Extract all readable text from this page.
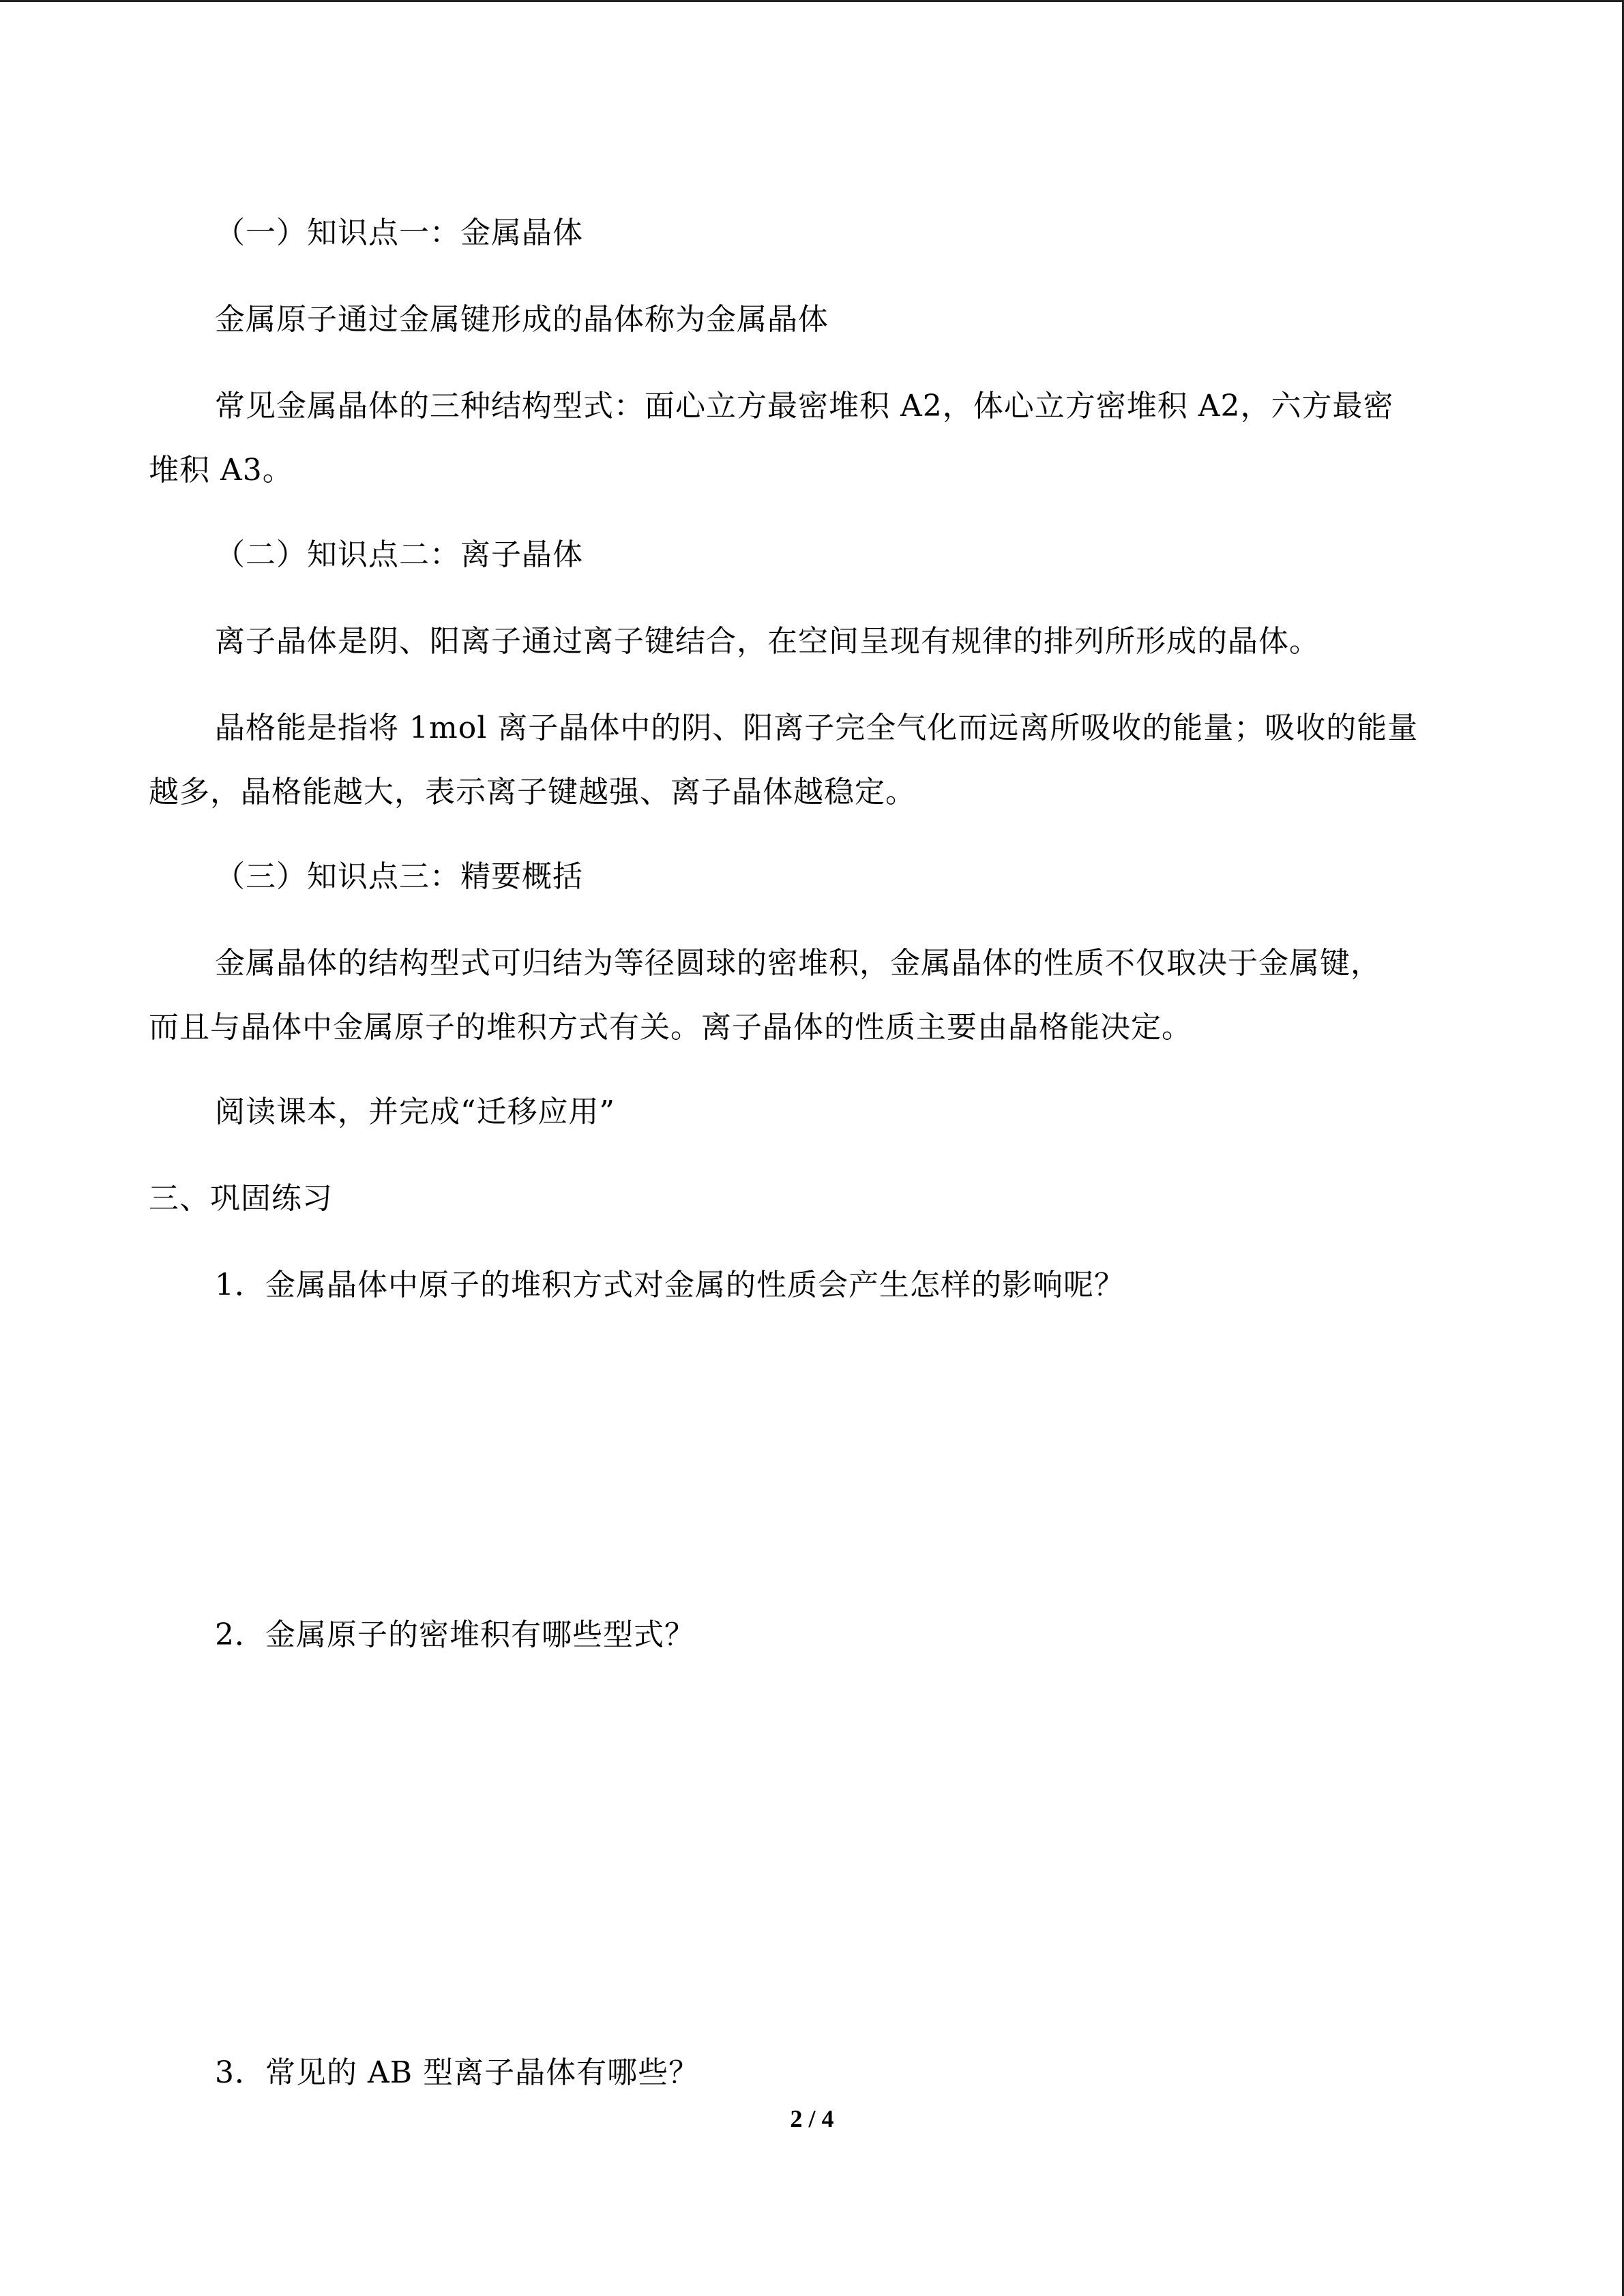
（一）知识点一：金属晶体
金属原子通过金属键形成的晶体称为金属晶体
常见金属晶体的三种结构型式：面心立方最密堆积 A2，体心立方密堆积 A2，六方最密
堆积 A3。
（二）知识点二：离子晶体
离子晶体是阴、阳离子通过离子键结合，在空间呈现有规律的排列所形成的晶体。
晶格能是指将 1mol 离子晶体中的阴、阳离子完全气化而远离所吸收的能量；吸收的能量
越多，晶格能越大，表示离子键越强、离子晶体越稳定。
（三）知识点三：精要概括
金属晶体的结构型式可归结为等径圆球的密堆积，金属晶体的性质不仅取决于金属键，
而且与晶体中金属原子的堆积方式有关。离子晶体的性质主要由晶格能决定。
阅读课本，并完成“迁移应用”
三、巩固练习
1．金属晶体中原子的堆积方式对金属的性质会产生怎样的影响呢？
2．金属原子的密堆积有哪些型式？
3．常见的 AB 型离子晶体有哪些？
2 / 4
